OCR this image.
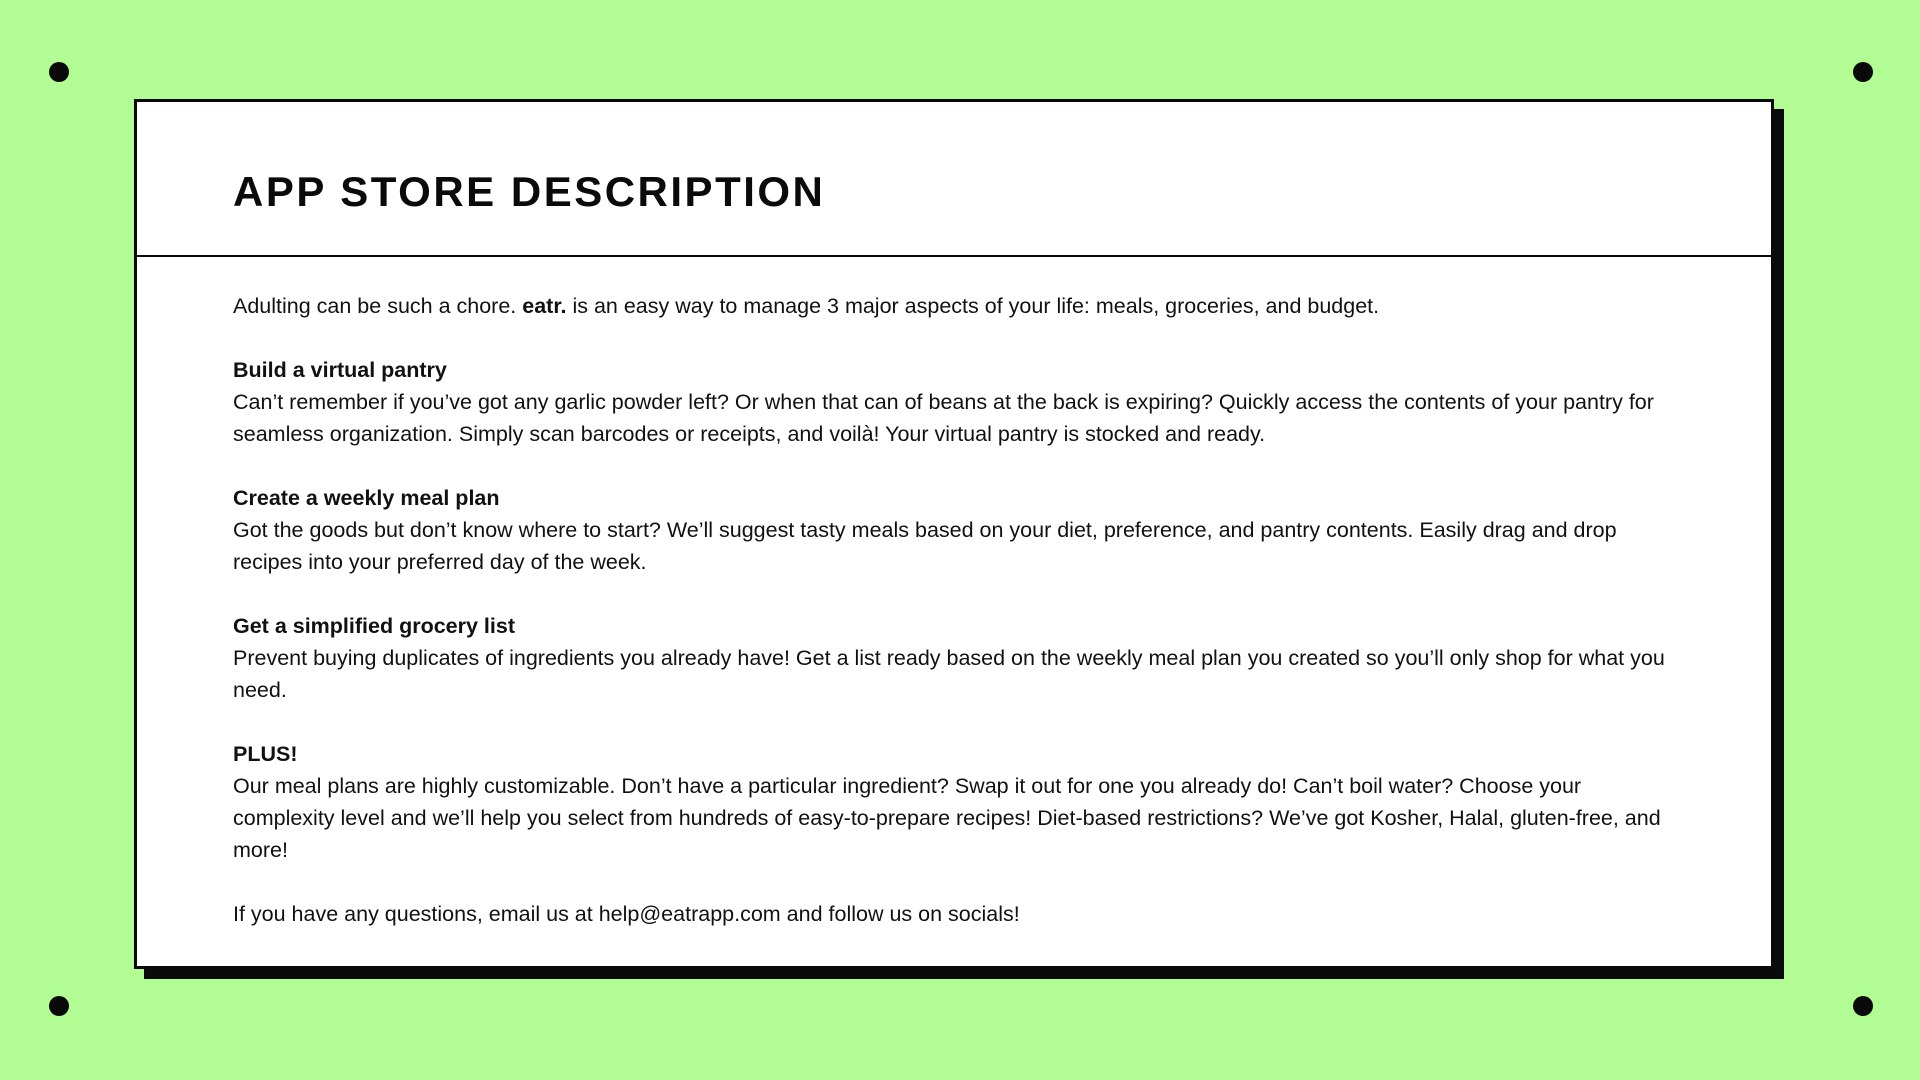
APP STORE DESCRIPTION

Adulting can be such a chore. eatr. is an easy way to manage 3 major aspects of your life: meals, groceries, and budget.

Build a virtual pantry
Can’t remember if you’ve got any garlic powder left? Or when that can of beans at the back is expiring? Quickly access the contents of your pantry for seamless organization. Simply scan barcodes or receipts, and voilà! Your virtual pantry is stocked and ready.

Create a weekly meal plan
Got the goods but don’t know where to start? We’ll suggest tasty meals based on your diet, preference, and pantry contents. Easily drag and drop recipes into your preferred day of the week.

Get a simplified grocery list
Prevent buying duplicates of ingredients you already have! Get a list ready based on the weekly meal plan you created so you’ll only shop for what you need.

PLUS!
Our meal plans are highly customizable. Don’t have a particular ingredient? Swap it out for one you already do! Can’t boil water? Choose your complexity level and we’ll help you select from hundreds of easy-to-prepare recipes! Diet-based restrictions? We’ve got Kosher, Halal, gluten-free, and more!

If you have any questions, email us at help@eatrapp.com and follow us on socials!
